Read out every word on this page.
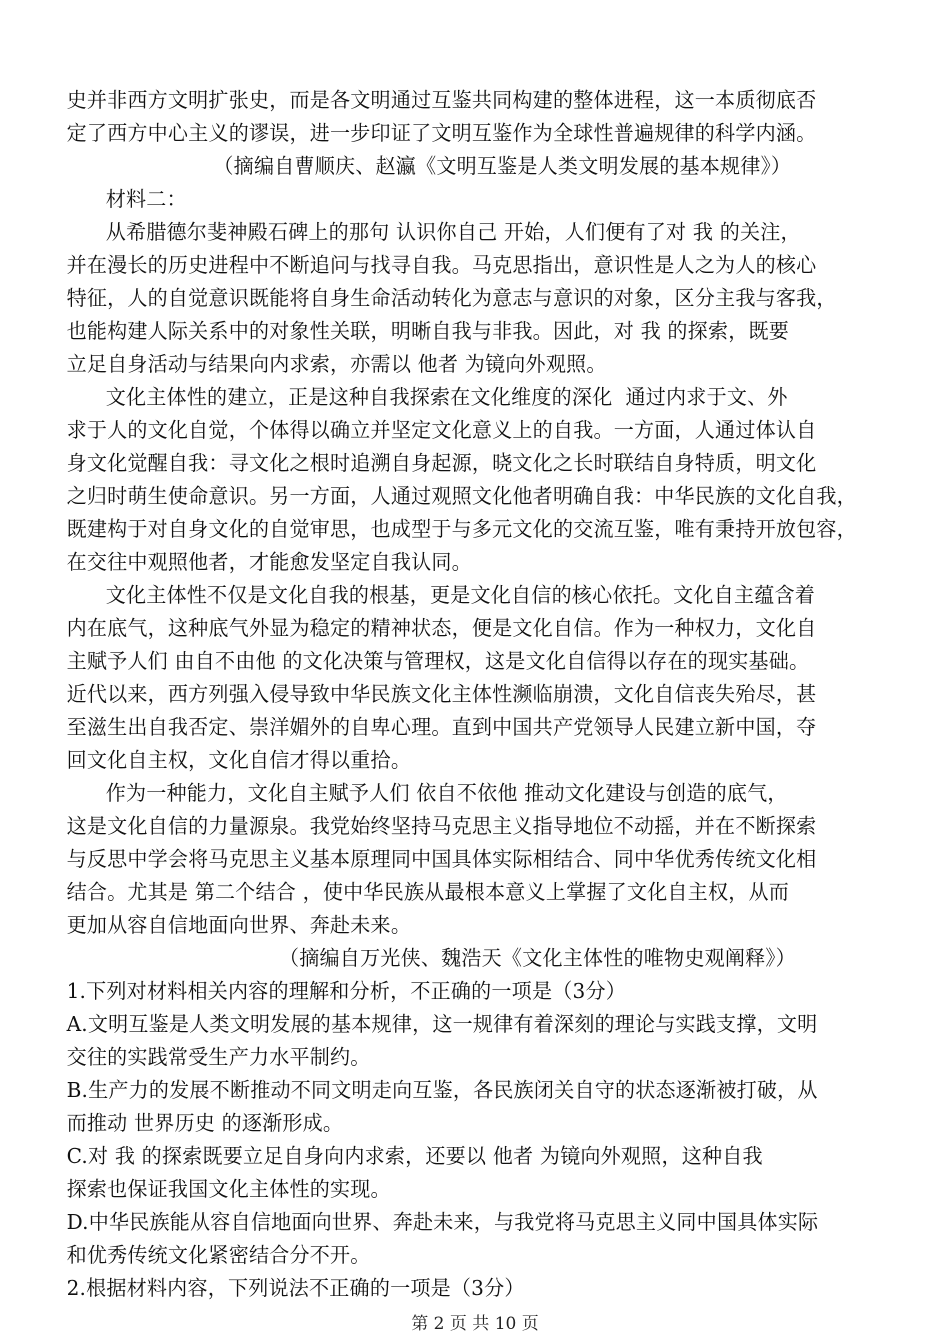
史并非西方文明扩张史，而是各文明通过互鉴共同构建的整体进程，这一本质彻底否
定了西方中心主义的谬误，进一步印证了文明互鉴作为全球性普遍规律的科学内涵。
（摘编自曹顺庆、赵瀛《文明互鉴是人类文明发展的基本规律》）
材料二：
从希腊德尔斐神殿石碑上的那句 认识你自己 开始，人们便有了对 我 的关注，
并在漫长的历史进程中不断追问与找寻自我。马克思指出，意识性是人之为人的核心
特征，人的自觉意识既能将自身生命活动转化为意志与意识的对象，区分主我与客我，
也能构建人际关系中的对象性关联，明晰自我与非我。因此，对 我 的探索，既要
立足自身活动与结果向内求索，亦需以 他者 为镜向外观照。
文化主体性的建立，正是这种自我探索在文化维度的深化  通过内求于文、外
求于人的文化自觉，个体得以确立并坚定文化意义上的自我。一方面，人通过体认自
身文化觉醒自我：寻文化之根时追溯自身起源，晓文化之长时联结自身特质，明文化
之归时萌生使命意识。另一方面，人通过观照文化他者明确自我：中华民族的文化自我，
既建构于对自身文化的自觉审思，也成型于与多元文化的交流互鉴，唯有秉持开放包容，
在交往中观照他者，才能愈发坚定自我认同。
文化主体性不仅是文化自我的根基，更是文化自信的核心依托。文化自主蕴含着
内在底气，这种底气外显为稳定的精神状态，便是文化自信。作为一种权力，文化自
主赋予人们 由自不由他 的文化决策与管理权，这是文化自信得以存在的现实基础。
近代以来，西方列强入侵导致中华民族文化主体性濒临崩溃，文化自信丧失殆尽，甚
至滋生出自我否定、崇洋媚外的自卑心理。直到中国共产党领导人民建立新中国，夺
回文化自主权，文化自信才得以重拾。
作为一种能力，文化自主赋予人们 依自不依他 推动文化建设与创造的底气，
这是文化自信的力量源泉。我党始终坚持马克思主义指导地位不动摇，并在不断探索
与反思中学会将马克思主义基本原理同中国具体实际相结合、同中华优秀传统文化相
结合。尤其是 第二个结合 ，使中华民族从最根本意义上掌握了文化自主权，从而
更加从容自信地面向世界、奔赴未来。
（摘编自万光侠、魏浩天《文化主体性的唯物史观阐释》）
1.下列对材料相关内容的理解和分析，不正确的一项是（3分）
A.文明互鉴是人类文明发展的基本规律，这一规律有着深刻的理论与实践支撑，文明
交往的实践常受生产力水平制约。
B.生产力的发展不断推动不同文明走向互鉴，各民族闭关自守的状态逐渐被打破，从
而推动 世界历史 的逐渐形成。
C.对 我 的探索既要立足自身向内求索，还要以 他者 为镜向外观照，这种自我
探索也保证我国文化主体性的实现。
D.中华民族能从容自信地面向世界、奔赴未来，与我党将马克思主义同中国具体实际
和优秀传统文化紧密结合分不开。
2.根据材料内容，下列说法不正确的一项是（3分）
第 2 页 共 10 页
